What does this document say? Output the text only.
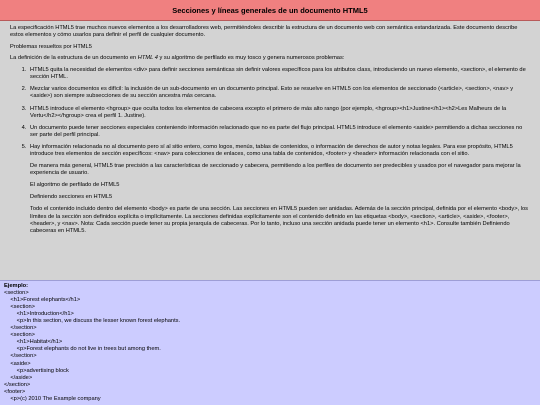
Secciones y líneas generales de un documento HTML5

La especificación HTML5 trae muchos nuevos elementos a los desarrolladores web, permitiéndoles describir la estructura de un documento web con semántica estandarizada. Este documento describe estos elementos y cómo usarlos para definir el perfil de cualquier documento.

Problemas resueltos por HTML5

La definición de la estructura de un documento en HTML 4 y su algoritmo de perfilado es muy tosco y genera numerosos problemas:

1. HTML5 quita la necesidad de elementos <div> para definir secciones semánticas sin definir valores específicos para los atributos class, introduciendo un nuevo elemento, <section>, el elemento de sección HTML.
2. Mezclar varios documentos es difícil: la inclusión de un sub-documento en un documento principal. Esto se resuelve en HTML5 con los elementos de seccionado (<article>, <section>, <nav> y <aside>) son siempre subsecciones de su sección ancestra más cercana.
3. HTML5 introduce el elemento <hgroup> que oculta todos los elementos de cabecera excepto el primero de más alto rango (por ejemplo, <hgroup><h1>Justine</h1><h2>Les Malheurs de la Vertu</h2></hgroup> crea el perfil 1. Justine).
4. Un documento puede tener secciones especiales conteniendo información relacionado que no es parte del flujo principal. HTML5 introduce el elemento <aside> permitiendo a dichas secciones no ser parte del perfil principal.

5. Hay información relacionada no al documento pero sí al sitio entero, como logos, menús, tablas de contenidos, o información de derechos de autor y notas legales. Para ese propósito, HTML5 introduce tres elementos de sección específicos: <nav> para colecciones de enlaces, como una tabla de contenidos, <footer> y <header> información relacionada con el sitio.

De manera más general, HTML5 trae precisión a las características de seccionado y cabecera, permitiendo a los perfiles de documento ser predecibles y usados por el navegador para mejorar la experiencia de usuario.

El algoritmo de perfilado de HTML5

Definiendo secciones en HTML5

Todo el contenido incluido dentro del elemento <body> es parte de una sección. Las secciones en HTML5 pueden ser anidadas. Además de la sección principal, definida por el elemento <body>, los límites de la sección son definidos explícita o implícitamente. La secciones definidas explícitamente son el contenido definido en las etiquetas <body>, <section>, <article>, <aside>, <footer>, <header>, y <nav>. Nota: Cada sección puede tener su propia jerarquía de cabeceras. Por lo tanto, incluso una sección anidada puede tener un elemento <h1>. Consulte también Definiendo cabeceras en HTML5.

Ejemplo:
<section>
<h1>Forest elephants</h1>
<section>
<h1>Introduction</h1>
<p>In this section, we discuss the lesser known forest elephants.
</section>
<section>
<h1>Habitat</h1>
<p>Forest elephants do not live in trees but among them.
</section>
<aside>
<p>advertising block
</aside>
</section>
<footer>
<p>(c) 2010 The Example company
